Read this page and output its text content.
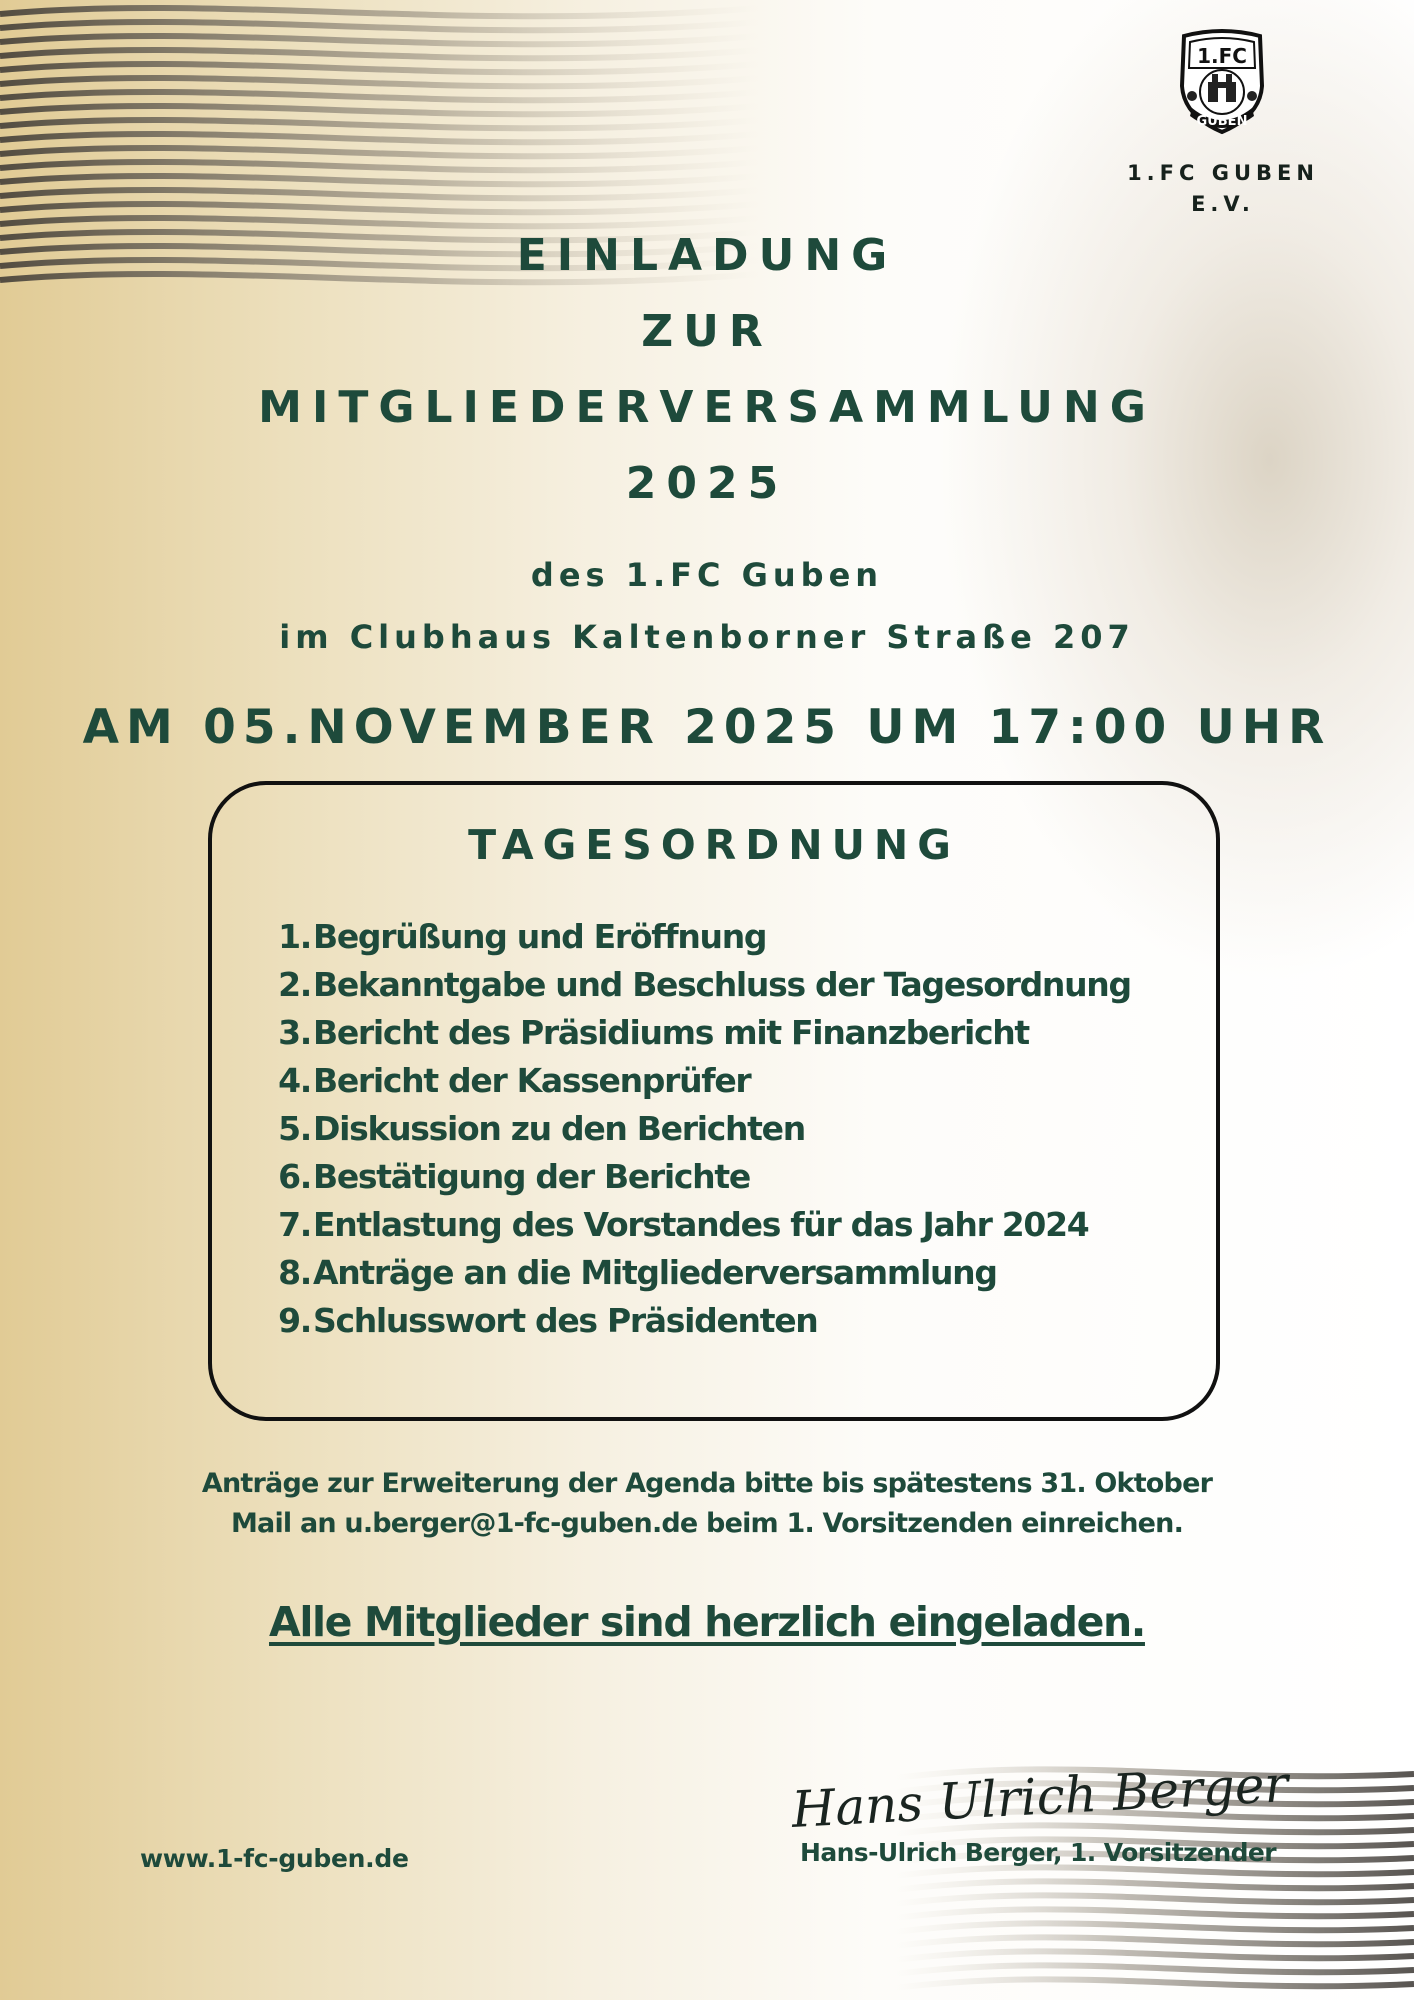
1.FC
GUBEN
1.FC GUBEN
E.V.
EINLADUNG
ZUR
MITGLIEDERVERSAMMLUNG
2025
des 1.FC Guben
im Clubhaus Kaltenborner Straße 207
AM 05.NOVEMBER 2025 UM 17:00 UHR
TAGESORDNUNG
1. Begrüßung und Eröffnung
2. Bekanntgabe und Beschluss der Tagesordnung
3. Bericht des Präsidiums mit Finanzbericht
4. Bericht der Kassenprüfer
5. Diskussion zu den Berichten
6. Bestätigung der Berichte
7. Entlastung des Vorstandes für das Jahr 2024
8. Anträge an die Mitgliederversammlung
9. Schlusswort des Präsidenten
Anträge zur Erweiterung der Agenda bitte bis spätestens 31. Oktober
Mail an u.berger@1-fc-guben.de beim 1. Vorsitzenden einreichen.
Alle Mitglieder sind herzlich eingeladen.
Hans Ulrich Berger
Hans-Ulrich Berger, 1. Vorsitzender
www.1-fc-guben.de
